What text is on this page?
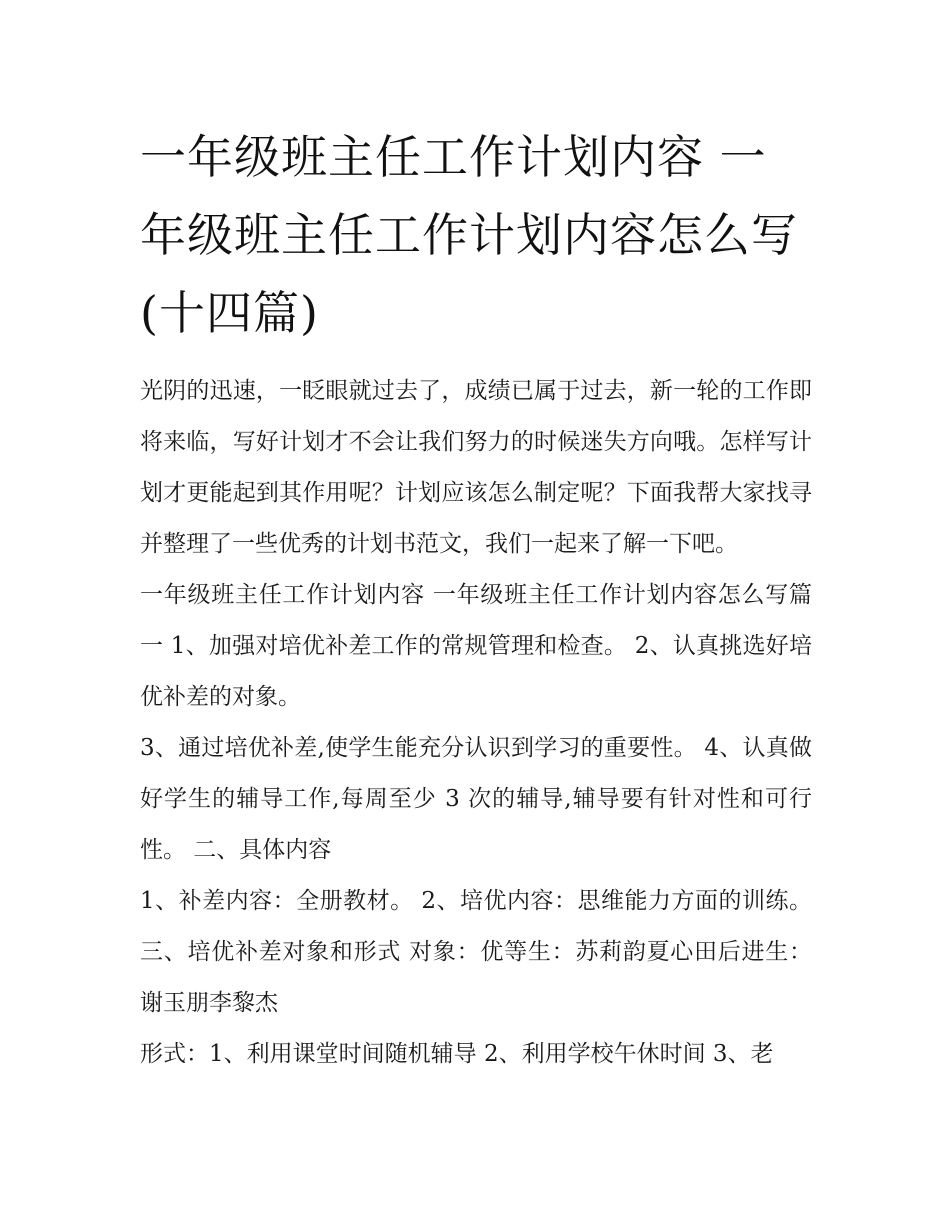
一年级班主任工作计划内容 一年级班主任工作计划内容怎么写(十四篇)

光阴的迅速，一眨眼就过去了，成绩已属于过去，新一轮的工作即将来临，写好计划才不会让我们努力的时候迷失方向哦。怎样写计划才更能起到其作用呢？计划应该怎么制定呢？下面我帮大家找寻并整理了一些优秀的计划书范文，我们一起来了解一下吧。

一年级班主任工作计划内容 一年级班主任工作计划内容怎么写篇一 1、加强对培优补差工作的常规管理和检查。 2、认真挑选好培优补差的对象。

3、通过培优补差,使学生能充分认识到学习的重要性。 4、认真做好学生的辅导工作,每周至少 3 次的辅导,辅导要有针对性和可行性。 二、具体内容

1、补差内容：全册教材。 2、培优内容：思维能力方面的训练。 三、培优补差对象和形式 对象：优等生：苏莉韵夏心田后进生：谢玉朋李黎杰

形式：1、利用课堂时间随机辅导 2、利用学校午休时间 3、老
